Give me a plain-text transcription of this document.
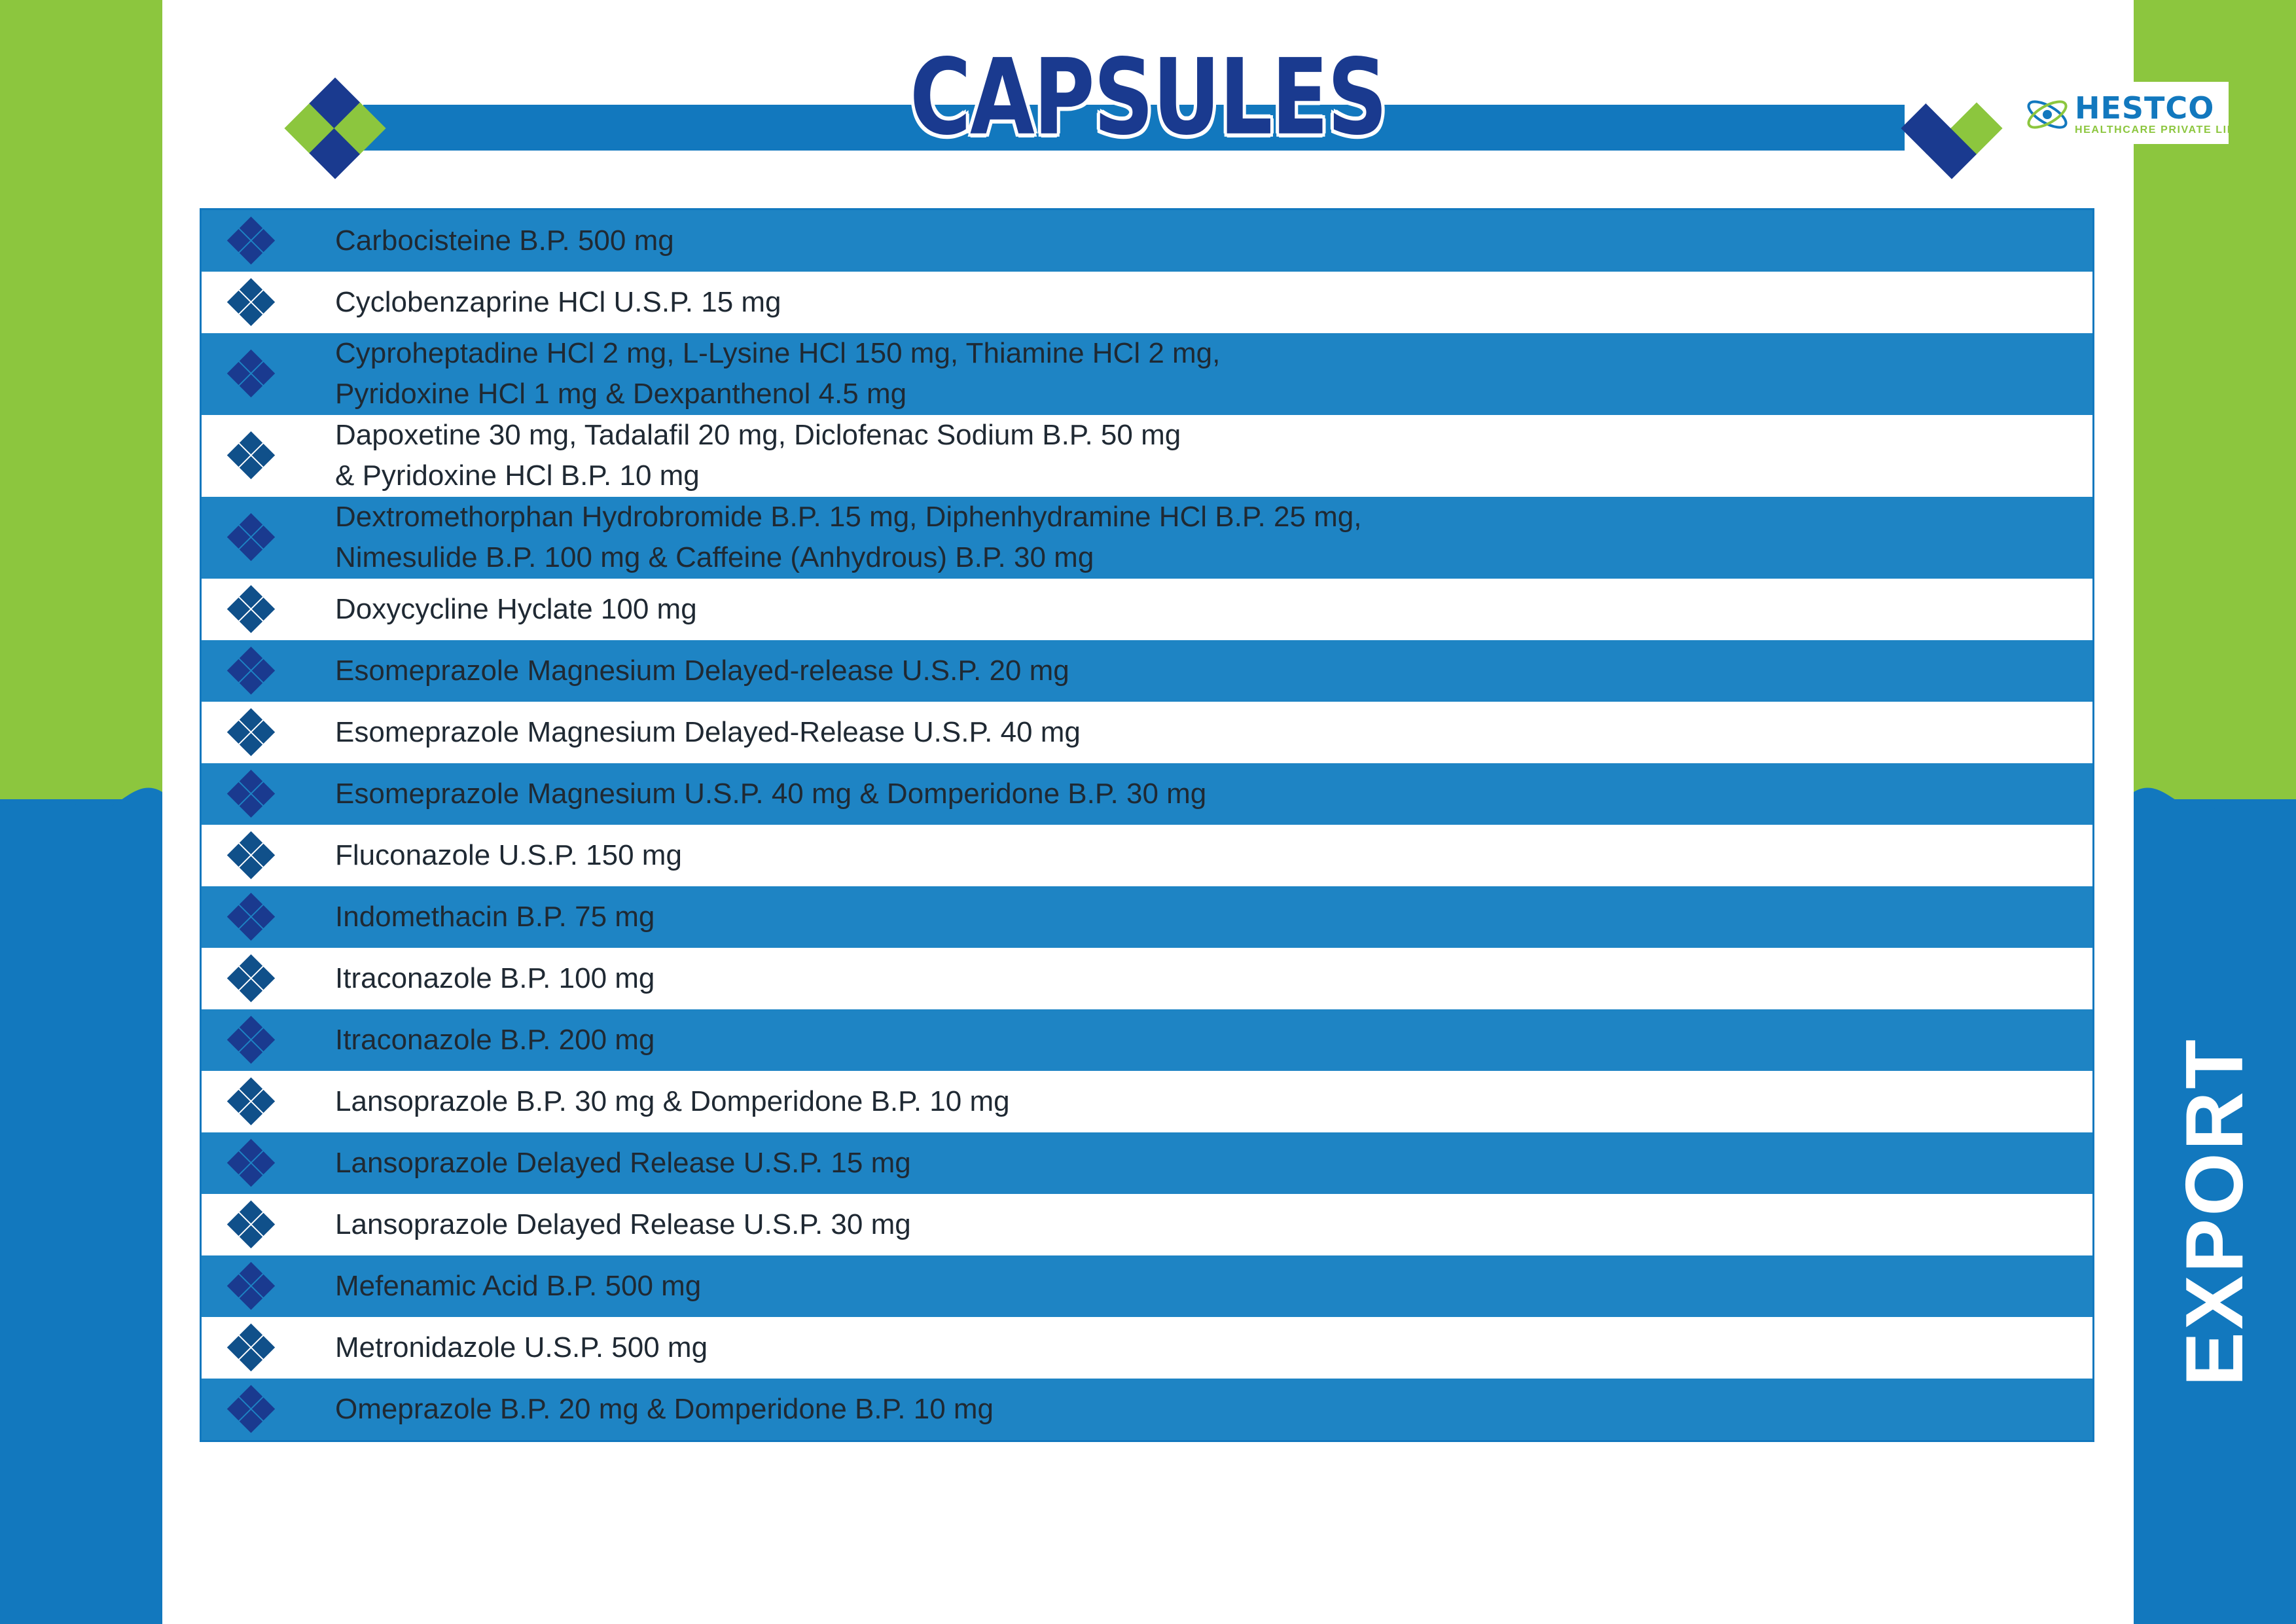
EXPORT
HESTCO
HEALTHCARE PRIVATE LIMITED
CAPSULES
Carbocisteine B.P. 500 mg
Cyclobenzaprine HCl U.S.P. 15 mg
Cyproheptadine HCl 2 mg, L-Lysine HCl 150 mg, Thiamine HCl 2 mg,
Pyridoxine HCl 1 mg & Dexpanthenol 4.5 mg
Dapoxetine 30 mg, Tadalafil 20 mg, Diclofenac Sodium B.P. 50 mg
& Pyridoxine HCl B.P. 10 mg
Dextromethorphan Hydrobromide B.P. 15 mg, Diphenhydramine HCl B.P. 25 mg,
Nimesulide B.P. 100 mg & Caffeine (Anhydrous) B.P. 30 mg
Doxycycline Hyclate 100 mg
Esomeprazole Magnesium Delayed-release U.S.P. 20 mg
Esomeprazole Magnesium Delayed-Release U.S.P. 40 mg
Esomeprazole Magnesium U.S.P. 40 mg & Domperidone B.P. 30 mg
Fluconazole U.S.P. 150 mg
Indomethacin B.P. 75 mg
Itraconazole B.P. 100 mg
Itraconazole B.P. 200 mg
Lansoprazole B.P. 30 mg & Domperidone B.P. 10 mg
Lansoprazole Delayed Release U.S.P. 15 mg
Lansoprazole Delayed Release U.S.P. 30 mg
Mefenamic Acid B.P. 500 mg
Metronidazole U.S.P. 500 mg
Omeprazole B.P. 20 mg & Domperidone B.P. 10 mg
